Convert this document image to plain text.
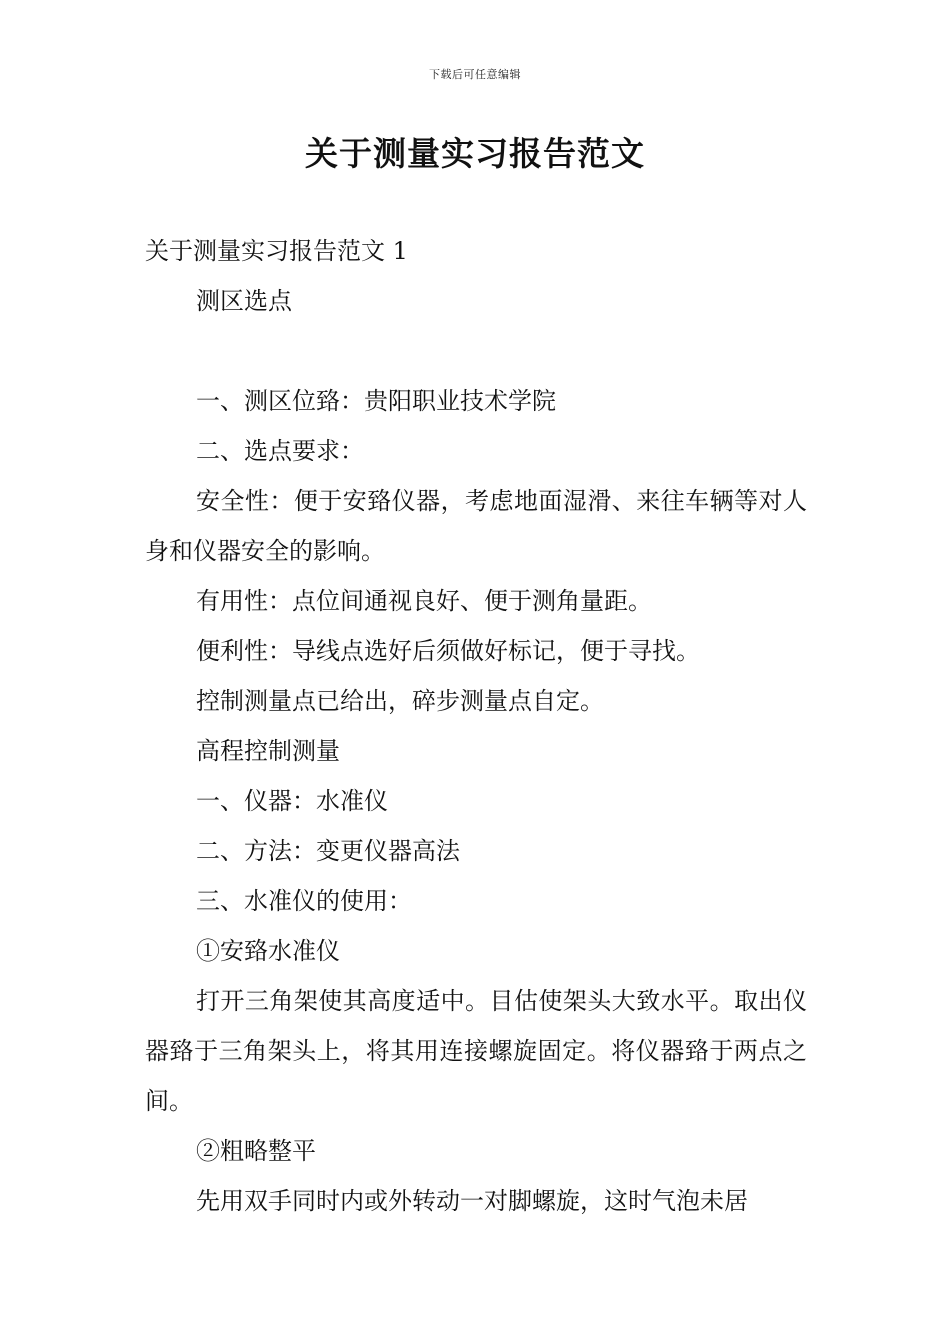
下载后可任意编辑
关于测量实习报告范文

关于测量实习报告范文 1

测区选点

一、测区位臵：贵阳职业技术学院

二、选点要求：

安全性：便于安臵仪器，考虑地面湿滑、来往车辆等对人身和仪器安全的影响。

有用性：点位间通视良好、便于测角量距。

便利性：导线点选好后须做好标记，便于寻找。

控制测量点已给出，碎步测量点自定。

高程控制测量

一、仪器：水准仪

二、方法：变更仪器高法

三、水准仪的使用：

①安臵水准仪

打开三角架使其高度适中。目估使架头大致水平。取出仪器臵于三角架头上，将其用连接螺旋固定。将仪器臵于两点之间。

②粗略整平

先用双手同时内或外转动一对脚螺旋，这时气泡未居
